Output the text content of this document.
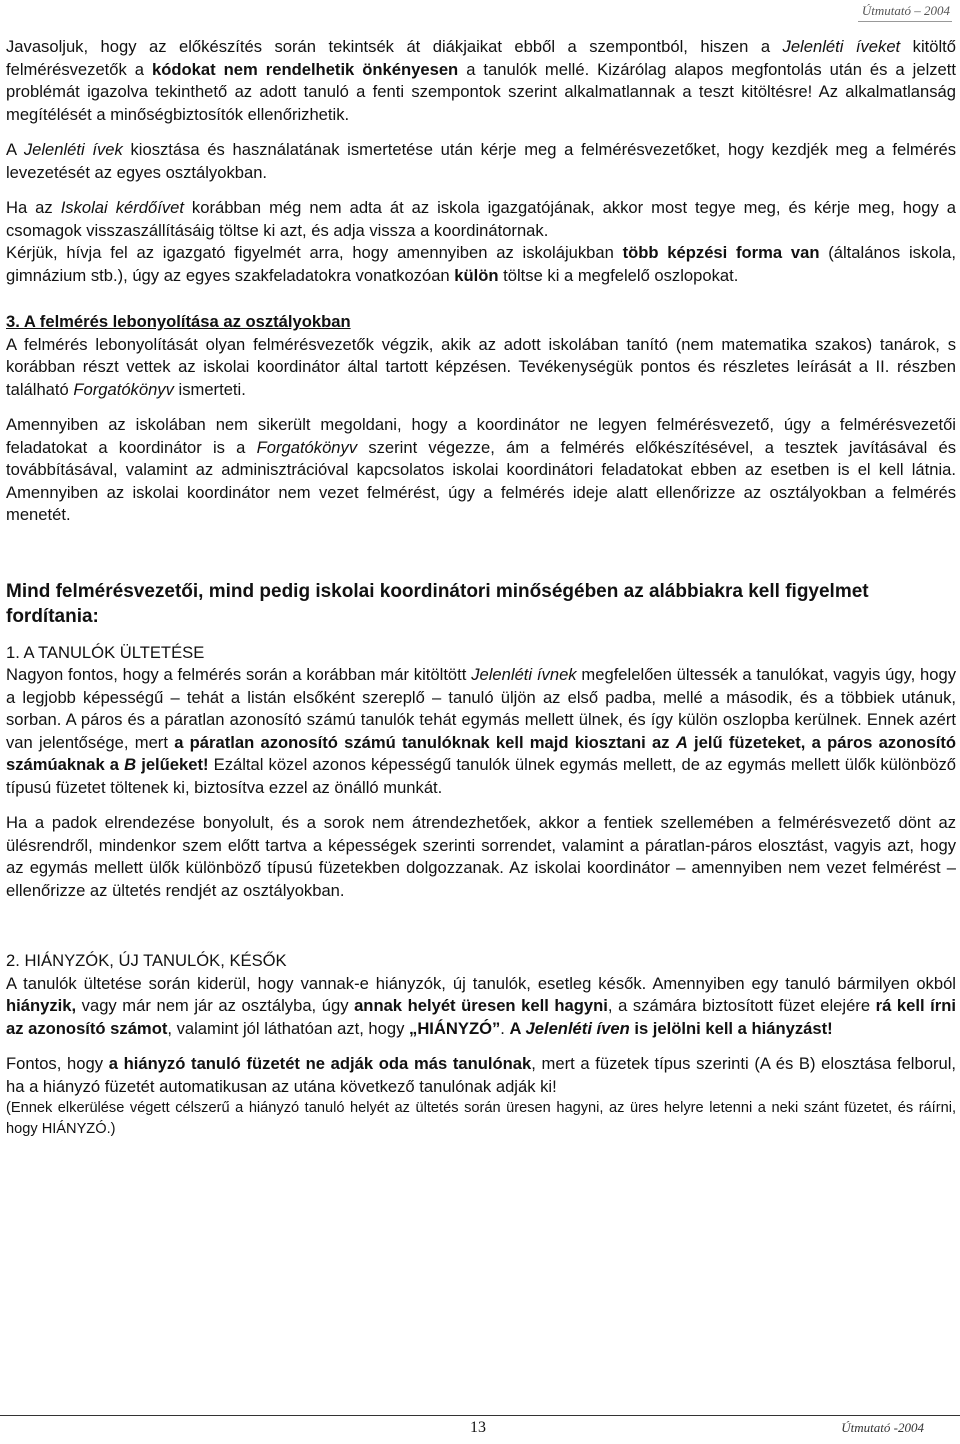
Útmutató – 2004

Javasoljuk, hogy az előkészítés során tekintsék át diákjaikat ebből a szempontból, hiszen a Jelenléti íveket kitöltő felmérésvezetők a kódokat nem rendelhetik önkényesen a tanulók mellé. Kizárólag alapos megfontolás után és a jelzett problémát igazolva tekinthető az adott tanuló a fenti szempontok szerint alkalmatlannak a teszt kitöltésre! Az alkalmatlanság megítélését a minőségbiztosítók ellenőrizhetik.

A Jelenléti ívek kiosztása és használatának ismertetése után kérje meg a felmérésvezetőket, hogy kezdjék meg a felmérés levezetését az egyes osztályokban.

Ha az Iskolai kérdőívet korábban még nem adta át az iskola igazgatójának, akkor most tegye meg, és kérje meg, hogy a csomagok visszaszállításáig töltse ki azt, és adja vissza a koordinátornak.

Kérjük, hívja fel az igazgató figyelmét arra, hogy amennyiben az iskolájukban több képzési forma van (általános iskola, gimnázium stb.), úgy az egyes szakfeladatokra vonatkozóan külön töltse ki a megfelelő oszlopokat.

3. A felmérés lebonyolítása az osztályokban

A felmérés lebonyolítását olyan felmérésvezetők végzik, akik az adott iskolában tanító (nem matematika szakos) tanárok, s korábban részt vettek az iskolai koordinátor által tartott képzésen. Tevékenységük pontos és részletes leírását a II. részben található Forgatókönyv ismerteti.

Amennyiben az iskolában nem sikerült megoldani, hogy a koordinátor ne legyen felmérésvezető, úgy a felmérésvezetői feladatokat a koordinátor is a Forgatókönyv szerint végezze, ám a felmérés előkészítésével, a tesztek javításával és továbbításával, valamint az adminisztrációval kapcsolatos iskolai koordinátori feladatokat ebben az esetben is el kell látnia. Amennyiben az iskolai koordinátor nem vezet felmérést, úgy a felmérés ideje alatt ellenőrizze az osztályokban a felmérés menetét.

Mind felmérésvezetői, mind pedig iskolai koordinátori minőségében az alábbiakra kell figyelmet fordítania:

1. A TANULÓK ÜLTETÉSE

Nagyon fontos, hogy a felmérés során a korábban már kitöltött Jelenléti ívnek megfelelően ültessék a tanulókat, vagyis úgy, hogy a legjobb képességű – tehát a listán elsőként szereplő – tanuló üljön az első padba, mellé a második, és a többiek utánuk, sorban. A páros és a páratlan azonosító számú tanulók tehát egymás mellett ülnek, és így külön oszlopba kerülnek. Ennek azért van jelentősége, mert a páratlan azonosító számú tanulóknak kell majd kiosztani az A jelű füzeteket, a páros azonosító számúaknak a B jelűeket! Ezáltal közel azonos képességű tanulók ülnek egymás mellett, de az egymás mellett ülők különböző típusú füzetet töltenek ki, biztosítva ezzel az önálló munkát.

Ha a padok elrendezése bonyolult, és a sorok nem átrendezhetőek, akkor a fentiek szellemében a felmérésvezető dönt az ülésrendről, mindenkor szem előtt tartva a képességek szerinti sorrendet, valamint a páratlan-páros elosztást, vagyis azt, hogy az egymás mellett ülők különböző típusú füzetekben dolgozzanak. Az iskolai koordinátor – amennyiben nem vezet felmérést – ellenőrizze az ültetés rendjét az osztályokban.

2. HIÁNYZÓK, ÚJ TANULÓK, KÉSŐK

A tanulók ültetése során kiderül, hogy vannak-e hiányzók, új tanulók, esetleg késők. Amennyiben egy tanuló bármilyen okból hiányzik, vagy már nem jár az osztályba, úgy annak helyét üresen kell hagyni, a számára biztosított füzet elejére rá kell írni az azonosító számot, valamint jól láthatóan azt, hogy „HIÁNYZÓ”. A Jelenléti íven is jelölni kell a hiányzást!

Fontos, hogy a hiányzó tanuló füzetét ne adják oda más tanulónak, mert a füzetek típus szerinti (A és B) elosztása felborul, ha a hiányzó füzetét automatikusan az utána következő tanulónak adják ki!

(Ennek elkerülése végett célszerű a hiányzó tanuló helyét az ültetés során üresen hagyni, az üres helyre letenni a neki szánt füzetet, és ráírni, hogy HIÁNYZÓ.)

13	Útmutató -2004
